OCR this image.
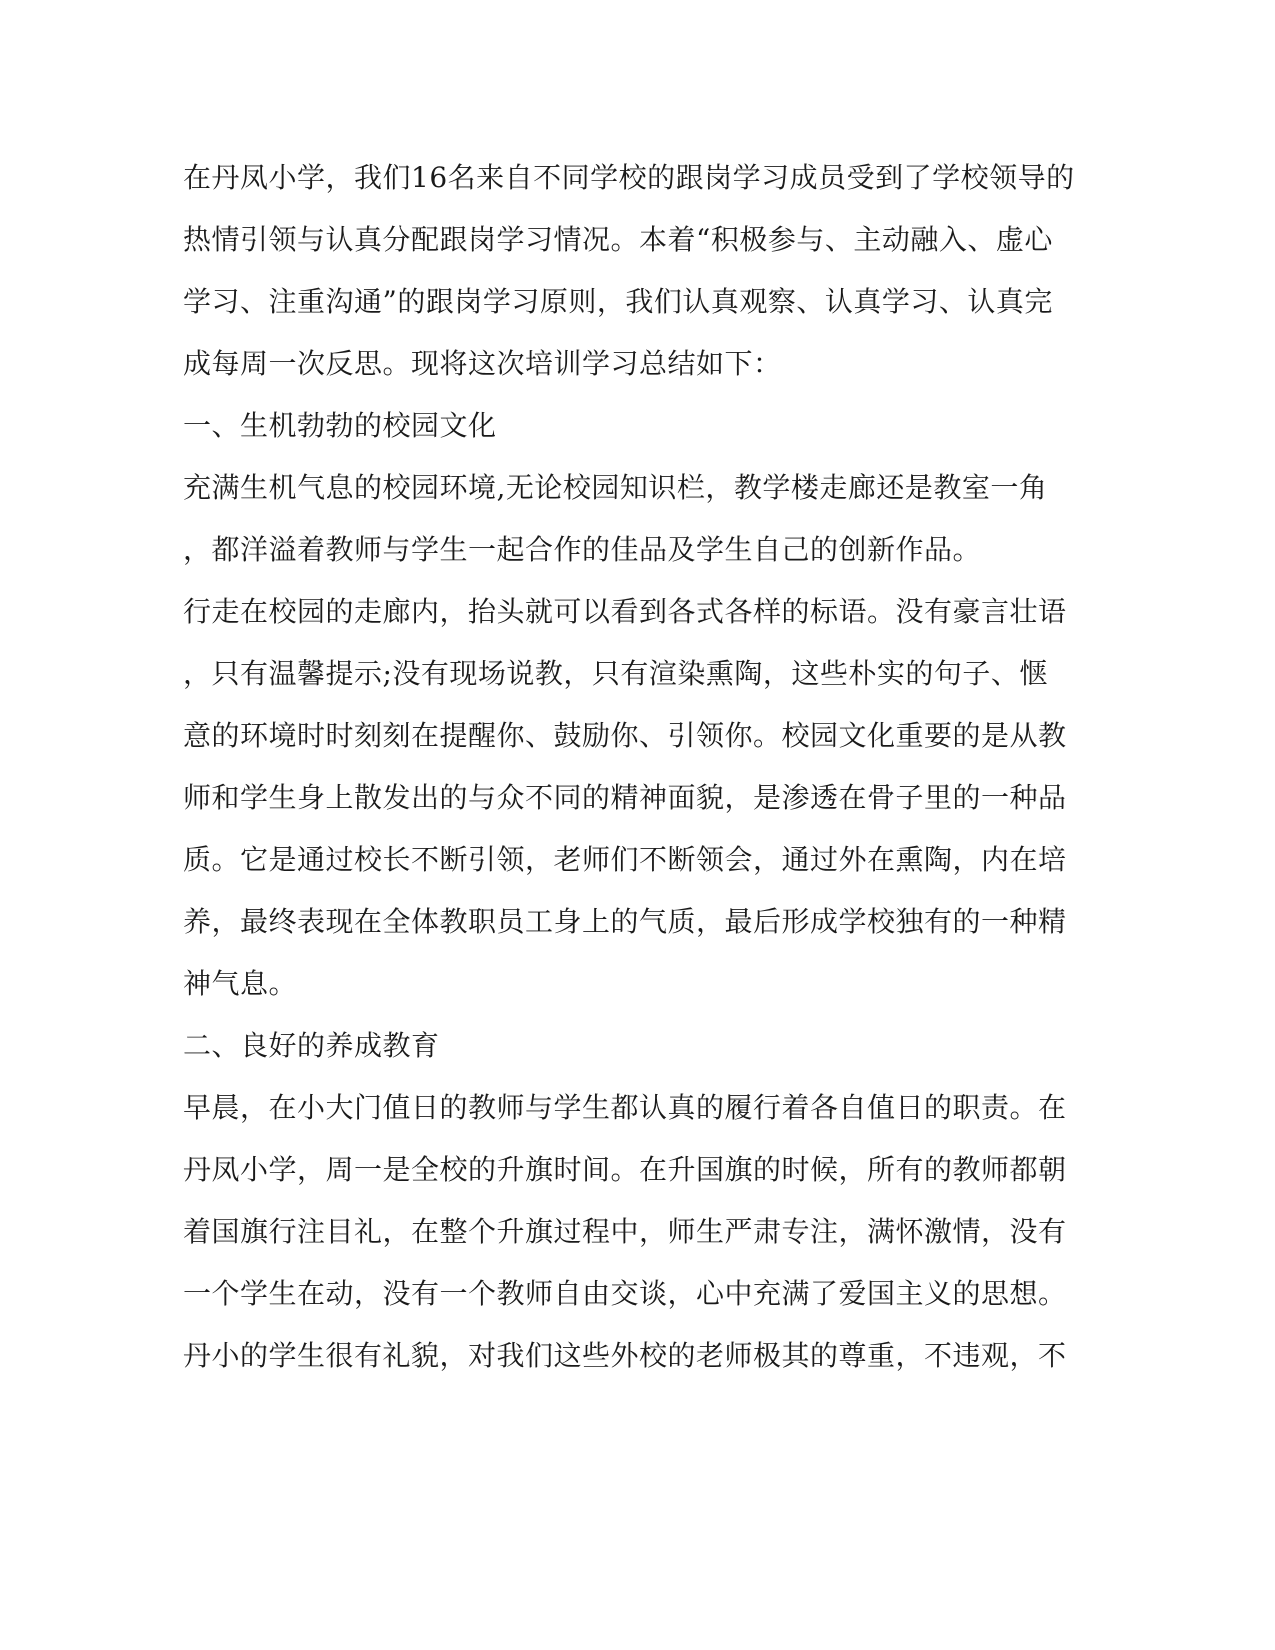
在丹凤小学，我们16名来自不同学校的跟岗学习成员受到了学校领导的
热情引领与认真分配跟岗学习情况。本着“积极参与、主动融入、虚心
学习、注重沟通”的跟岗学习原则，我们认真观察、认真学习、认真完
成每周一次反思。现将这次培训学习总结如下：
一、生机勃勃的校园文化
充满生机气息的校园环境,无论校园知识栏，教学楼走廊还是教室一角
，都洋溢着教师与学生一起合作的佳品及学生自己的创新作品。
行走在校园的走廊内，抬头就可以看到各式各样的标语。没有豪言壮语
，只有温馨提示;没有现场说教，只有渲染熏陶，这些朴实的句子、惬
意的环境时时刻刻在提醒你、鼓励你、引领你。校园文化重要的是从教
师和学生身上散发出的与众不同的精神面貌，是渗透在骨子里的一种品
质。它是通过校长不断引领，老师们不断领会，通过外在熏陶，内在培
养，最终表现在全体教职员工身上的气质，最后形成学校独有的一种精
神气息。
二、良好的养成教育
早晨，在小大门值日的教师与学生都认真的履行着各自值日的职责。在
丹凤小学，周一是全校的升旗时间。在升国旗的时候，所有的教师都朝
着国旗行注目礼，在整个升旗过程中，师生严肃专注，满怀激情，没有
一个学生在动，没有一个教师自由交谈，心中充满了爱国主义的思想。
丹小的学生很有礼貌，对我们这些外校的老师极其的尊重，不违观，不
